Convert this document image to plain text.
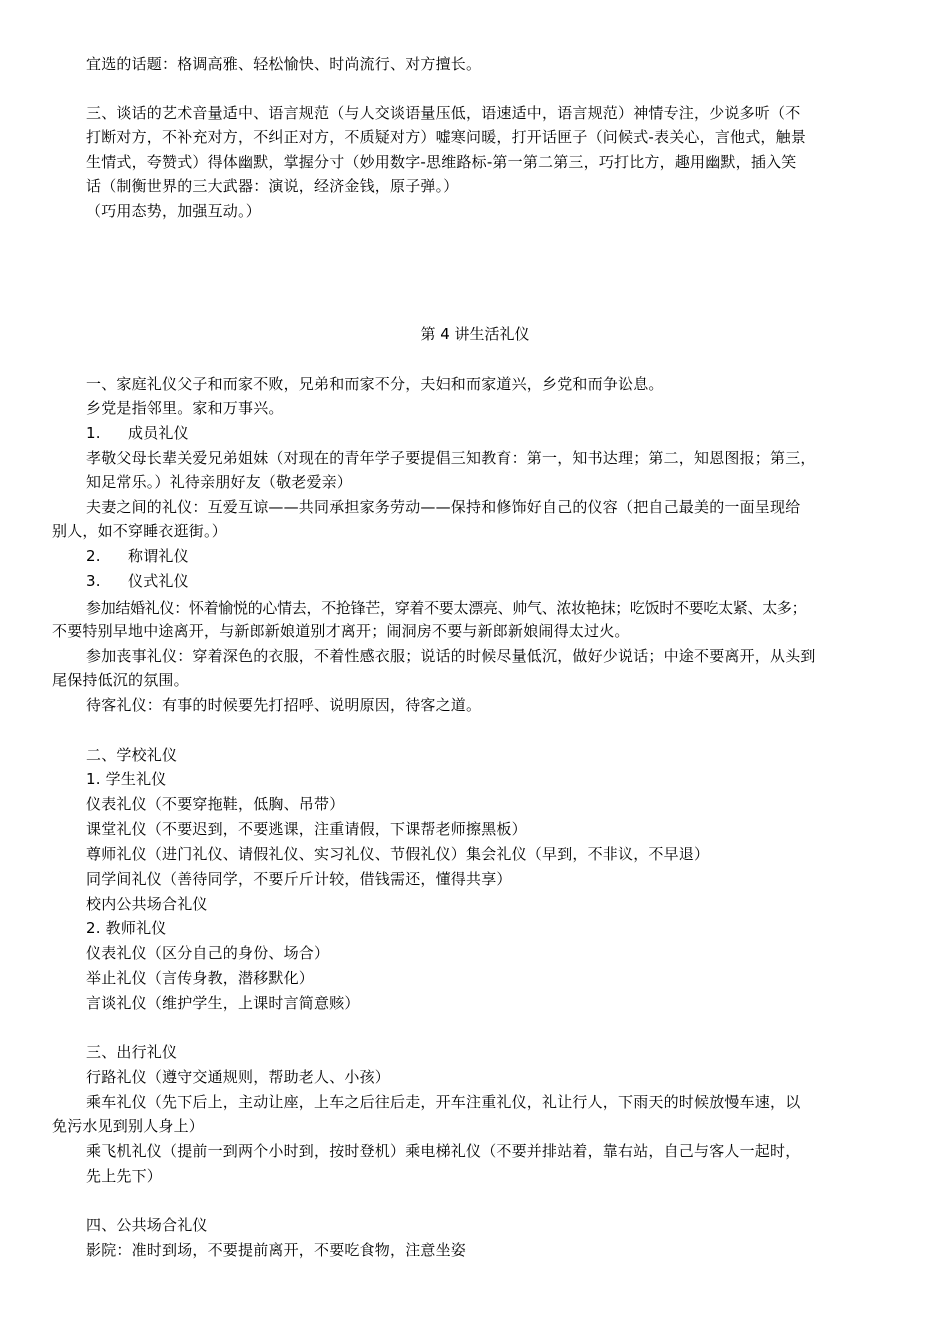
宜选的话题：格调高雅、轻松愉快、时尚流行、对方擅长。
三、谈话的艺术音量适中、语言规范（与人交谈语量压低，语速适中，语言规范）神情专注，少说多听（不
打断对方，不补充对方，不纠正对方，不质疑对方）嘘寒问暖，打开话匣子（问候式-表关心，言他式，触景
生情式，夸赞式）得体幽默，掌握分寸（妙用数字-思维路标-第一第二第三，巧打比方，趣用幽默，插入笑
话（制衡世界的三大武器：演说，经济金钱，原子弹。）
（巧用态势，加强互动。）
第 4 讲生活礼仪
一、家庭礼仪父子和而家不败，兄弟和而家不分，夫妇和而家道兴，乡党和而争讼息。
乡党是指邻里。家和万事兴。
1. 成员礼仪
孝敬父母长辈关爱兄弟姐妹（对现在的青年学子要提倡三知教育：第一，知书达理；第二，知恩图报；第三，
知足常乐。）礼待亲朋好友（敬老爱亲）
夫妻之间的礼仪：互爱互谅——共同承担家务劳动——保持和修饰好自己的仪容（把自己最美的一面呈现给
别人，如不穿睡衣逛街。）
2. 称谓礼仪
3. 仪式礼仪
参加结婚礼仪：怀着愉悦的心情去，不抢锋芒，穿着不要太漂亮、帅气、浓妆艳抹；吃饭时不要吃太紧、太多；
不要特别早地中途离开，与新郎新娘道别才离开；闹洞房不要与新郎新娘闹得太过火。
参加丧事礼仪：穿着深色的衣服，不着性感衣服；说话的时候尽量低沉，做好少说话；中途不要离开，从头到
尾保持低沉的氛围。
待客礼仪：有事的时候要先打招呼、说明原因，待客之道。
二、学校礼仪
1. 学生礼仪
仪表礼仪（不要穿拖鞋，低胸、吊带）
课堂礼仪（不要迟到，不要逃课，注重请假，下课帮老师擦黑板）
尊师礼仪（进门礼仪、请假礼仪、实习礼仪、节假礼仪）集会礼仪（早到，不非议，不早退）
同学间礼仪（善待同学，不要斤斤计较，借钱需还，懂得共享）
校内公共场合礼仪
2. 教师礼仪
仪表礼仪（区分自己的身份、场合）
举止礼仪（言传身教，潜移默化）
言谈礼仪（维护学生，上课时言简意赅）
三、出行礼仪
行路礼仪（遵守交通规则，帮助老人、小孩）
乘车礼仪（先下后上，主动让座，上车之后往后走，开车注重礼仪，礼让行人，下雨天的时候放慢车速，以
免污水见到别人身上）
乘飞机礼仪（提前一到两个小时到，按时登机）乘电梯礼仪（不要并排站着，靠右站，自己与客人一起时，
先上先下）
四、公共场合礼仪
影院：准时到场，不要提前离开，不要吃食物，注意坐姿
